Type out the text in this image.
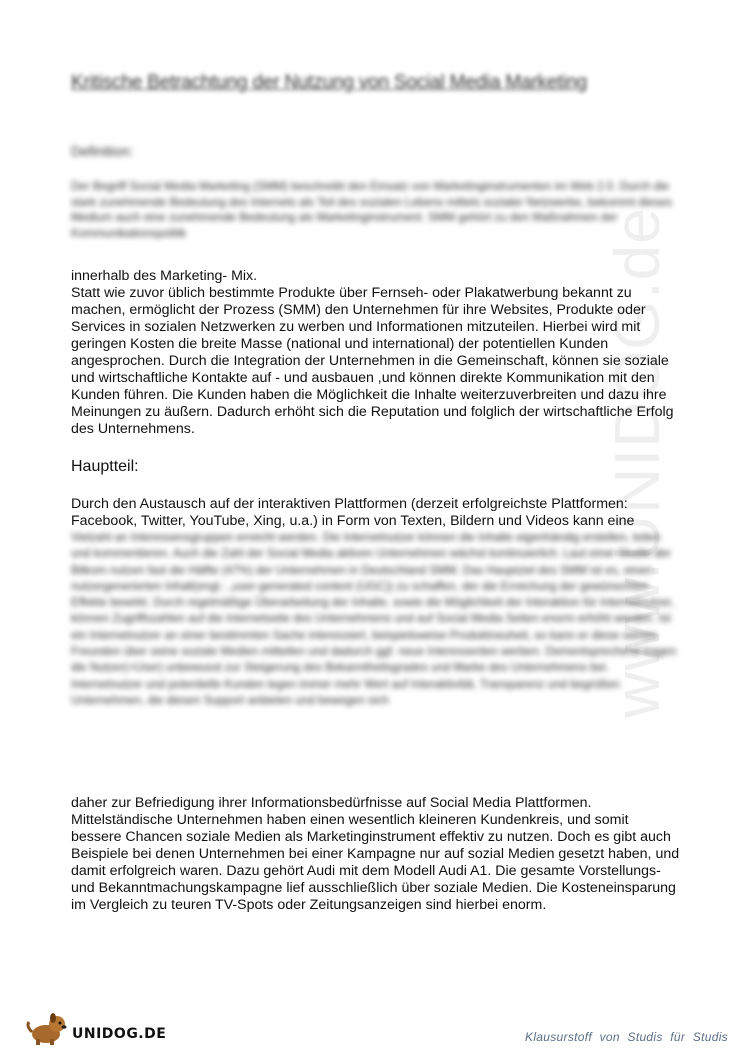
www.UNIDOG.de
Kritische Betrachtung der Nutzung von Social Media Marketing
Definition:
Der Begriff Social Media Marketing (SMM) beschreibt den Einsatz von Marketinginstrumenten im Web 2.0. Durch die stark zunehmende Bedeutung des Internets als Teil des sozialen Lebens mittels sozialer Netzwerke, bekommt dieses Medium auch eine zunehmende Bedeutung als Marketinginstrument. SMM gehört zu den Maßnahmen der Kommunikationspolitik
innerhalb des Marketing- Mix.
Statt wie zuvor üblich bestimmte Produkte über Fernseh- oder Plakatwerbung bekannt zu machen, ermöglicht der Prozess (SMM) den Unternehmen für ihre Websites, Produkte oder Services in sozialen Netzwerken zu werben und Informationen mitzuteilen. Hierbei wird mit geringen Kosten die breite Masse (national und international) der potentiellen Kunden angesprochen. Durch die Integration der Unternehmen in die Gemeinschaft, können sie soziale und wirtschaftliche Kontakte auf - und ausbauen ,und können direkte Kommunikation mit den Kunden führen. Die Kunden haben die Möglichkeit die Inhalte weiterzuverbreiten und dazu ihre Meinungen zu äußern. Dadurch erhöht sich die Reputation und folglich der wirtschaftliche Erfolg des Unternehmens.
Hauptteil:
Durch den Austausch auf der interaktiven Plattformen (derzeit erfolgreichste Plattformen: Facebook, Twitter, YouTube, Xing, u.a.) in Form von Texten, Bildern und Videos kann eine
Vielzahl an Interessensgruppen erreicht werden. Die Internetnutzer können die Inhalte eigenhändig erstellen, teilen und kommentieren. Auch die Zahl der Social Media aktiven Unternehmen wächst kontinuierlich. Laut einer Studie der Bitkom nutzen fast die Hälfte (47%) der Unternehmen in Deutschland SMM. Das Hauptziel des SMM ist es, einen nutzergenerierten Inhalt(engl.: „user-generated content (UGC)) zu schaffen, der die Erreichung der gewünschten Effekte bewirkt. Durch regelmäßige Überarbeitung der Inhalte, sowie die Möglichkeit der Interaktion für Internetnutzer, können Zugriffszahlen auf die Internetseite des Unternehmens und auf Social Media Seiten enorm erhöht werden. Ist ein Internetnutzer an einer bestimmten Sache interessiert, beispielsweise Produktneuheit, so kann er diese seinen Freunden über seine soziale Medien mitteilen und dadurch ggf. neue Interessenten werben. Dementsprechend tragen die Nutzer(=User) unbewusst zur Steigerung des Bekanntheitsgrades und Marke des Unternehmens bei. Internetnutzer und potentielle Kunden legen immer mehr Wert auf Interaktivität, Transparenz und begrüßen Unternehmen, die diesen Support anbieten und bewegen sich
daher zur Befriedigung ihrer Informationsbedürfnisse auf Social Media Plattformen.
Mittelständische Unternehmen haben einen wesentlich kleineren Kundenkreis, und somit bessere Chancen soziale Medien als Marketinginstrument effektiv zu nutzen. Doch es gibt auch Beispiele bei denen Unternehmen bei einer Kampagne nur auf sozial Medien gesetzt haben, und damit erfolgreich waren. Dazu gehört Audi mit dem Modell Audi A1. Die gesamte Vorstellungs- und Bekanntmachungskampagne lief ausschließlich über soziale Medien. Die Kosteneinsparung im Vergleich zu teuren TV-Spots oder Zeitungsanzeigen sind hierbei enorm.
UNIDOG.DE	Klausurstoff von Studis für Studis
